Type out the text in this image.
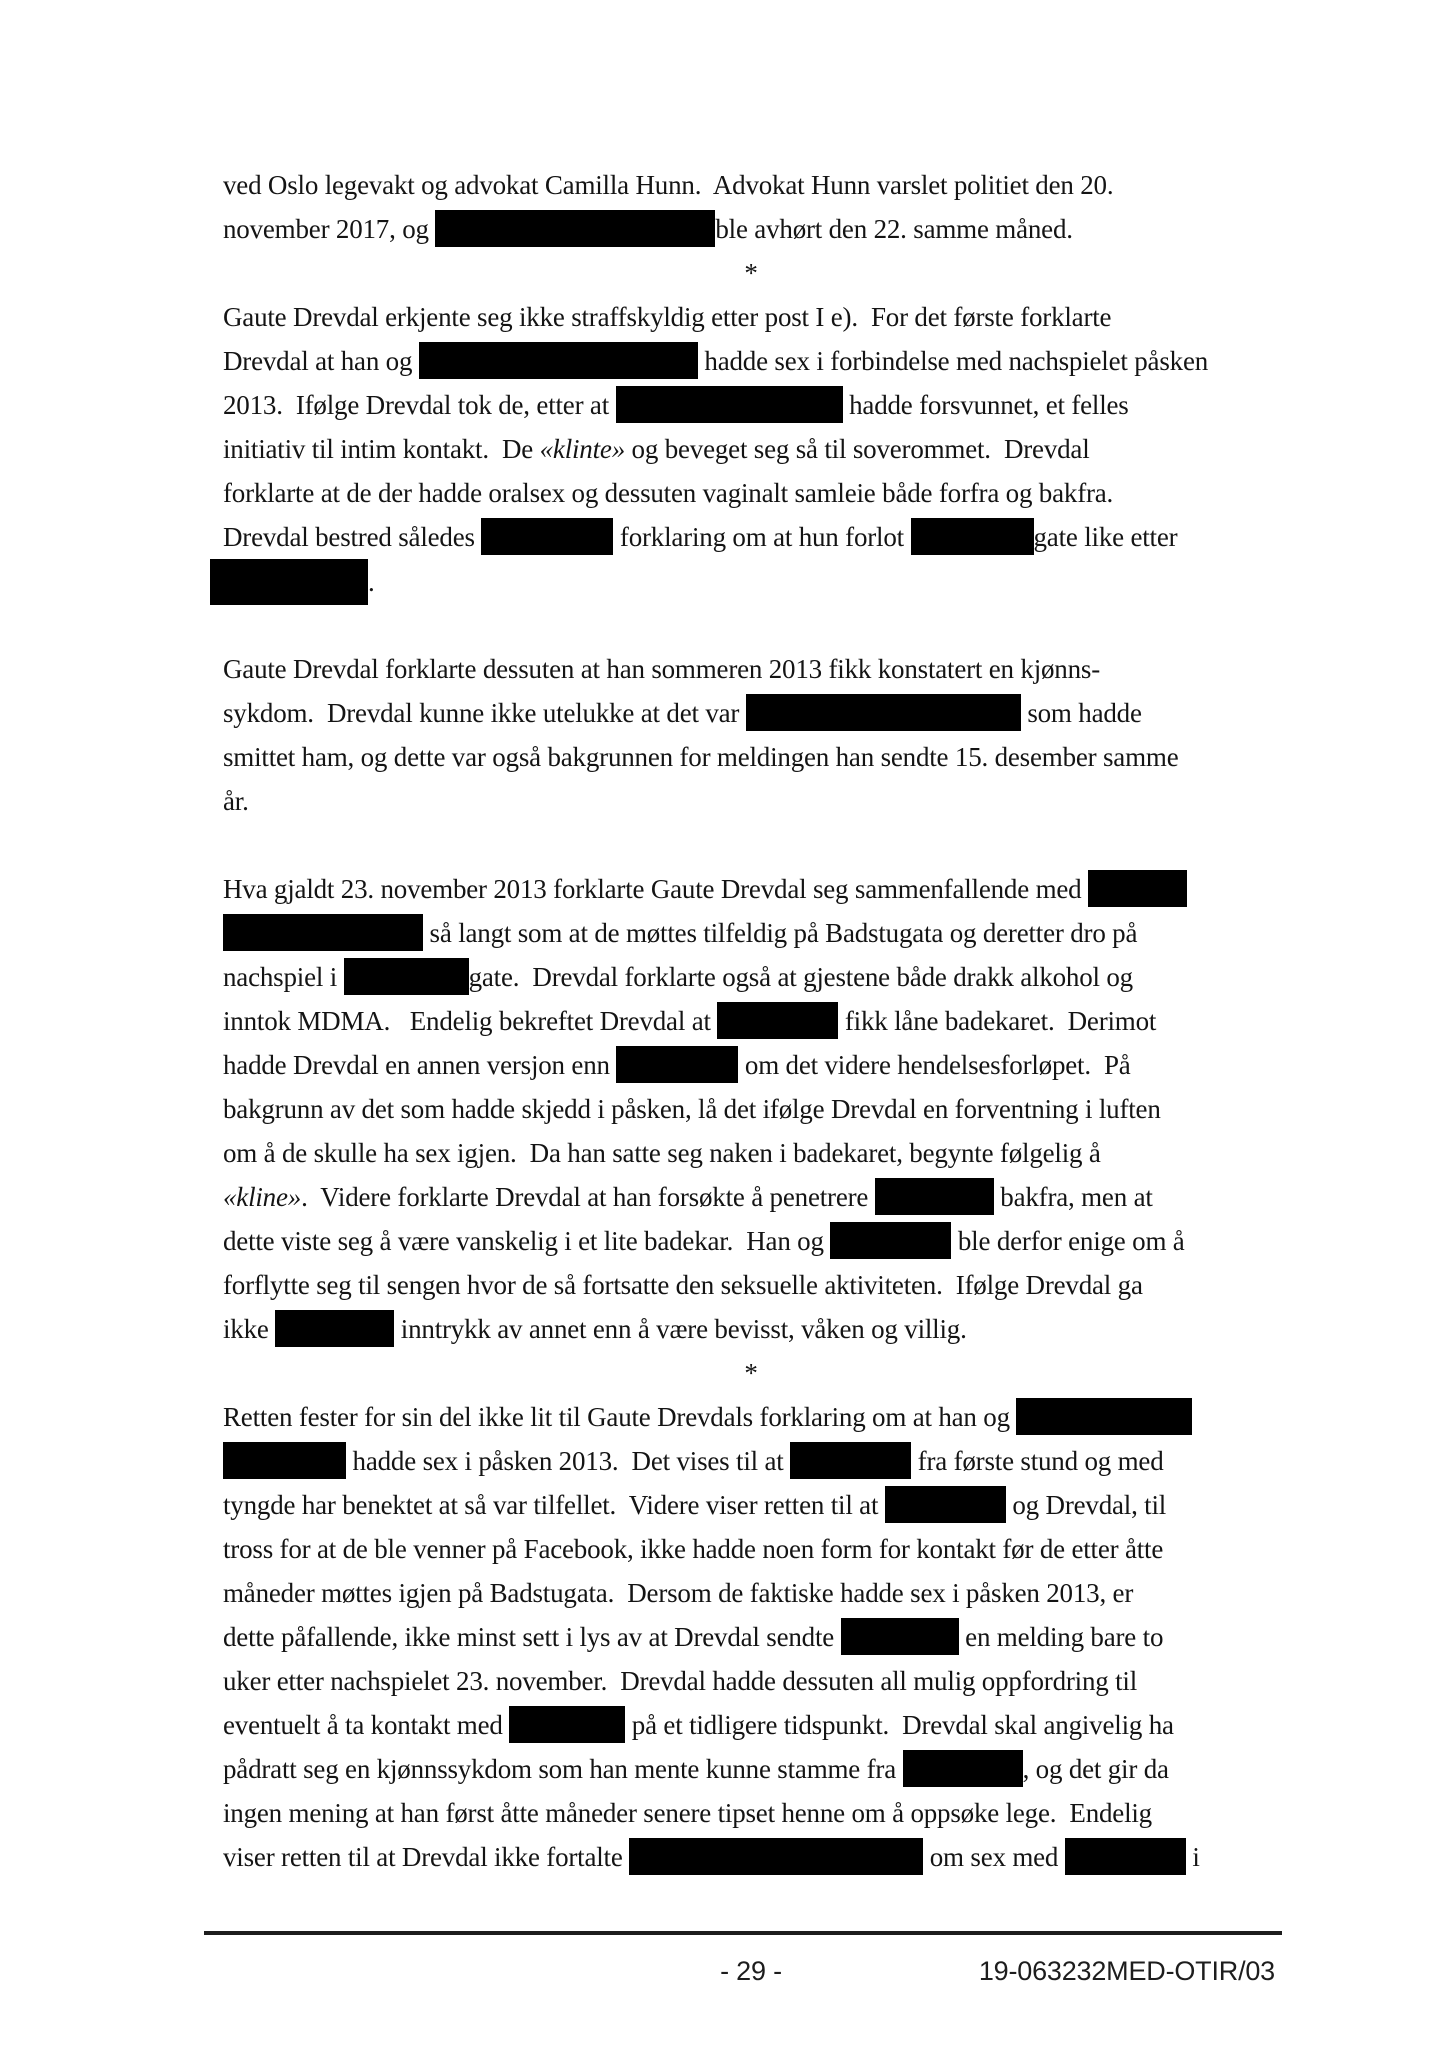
ved Oslo legevakt og advokat Camilla Hunn.  Advokat Hunn varslet politiet den 20.
november 2017, og	ble avhørt den 22. samme måned.
*
Gaute Drevdal erkjente seg ikke straffskyldig etter post I e).  For det første forklarte
Drevdal at han og	hadde sex i forbindelse med nachspielet påsken
2013.  Ifølge Drevdal tok de, etter at	hadde forsvunnet, et felles
initiativ til intim kontakt.  De «klinte» og beveget seg så til soverommet.  Drevdal
forklarte at de der hadde oralsex og dessuten vaginalt samleie både forfra og bakfra.
Drevdal bestred således	forklaring om at hun forlot	gate like etter
.
Gaute Drevdal forklarte dessuten at han sommeren 2013 fikk konstatert en kjønns-
sykdom.  Drevdal kunne ikke utelukke at det var	som hadde
smittet ham, og dette var også bakgrunnen for meldingen han sendte 15. desember samme
år.
Hva gjaldt 23. november 2013 forklarte Gaute Drevdal seg sammenfallende med
så langt som at de møttes tilfeldig på Badstugata og deretter dro på
nachspiel i	gate.  Drevdal forklarte også at gjestene både drakk alkohol og
inntok MDMA.   Endelig bekreftet Drevdal at	fikk låne badekaret.  Derimot
hadde Drevdal en annen versjon enn	om det videre hendelsesforløpet.  På
bakgrunn av det som hadde skjedd i påsken, lå det ifølge Drevdal en forventning i luften
om å de skulle ha sex igjen.  Da han satte seg naken i badekaret, begynte følgelig å
«kline».  Videre forklarte Drevdal at han forsøkte å penetrere	bakfra, men at
dette viste seg å være vanskelig i et lite badekar.  Han og	ble derfor enige om å
forflytte seg til sengen hvor de så fortsatte den seksuelle aktiviteten.  Ifølge Drevdal ga
ikke	inntrykk av annet enn å være bevisst, våken og villig.
*
Retten fester for sin del ikke lit til Gaute Drevdals forklaring om at han og
hadde sex i påsken 2013.  Det vises til at	fra første stund og med
tyngde har benektet at så var tilfellet.  Videre viser retten til at	og Drevdal, til
tross for at de ble venner på Facebook, ikke hadde noen form for kontakt før de etter åtte
måneder møttes igjen på Badstugata.  Dersom de faktiske hadde sex i påsken 2013, er
dette påfallende, ikke minst sett i lys av at Drevdal sendte	en melding bare to
uker etter nachspielet 23. november.  Drevdal hadde dessuten all mulig oppfordring til
eventuelt å ta kontakt med	på et tidligere tidspunkt.  Drevdal skal angivelig ha
pådratt seg en kjønnssykdom som han mente kunne stamme fra	, og det gir da
ingen mening at han først åtte måneder senere tipset henne om å oppsøke lege.  Endelig
viser retten til at Drevdal ikke fortalte	om sex med	i
- 29 -	19-063232MED-OTIR/03
